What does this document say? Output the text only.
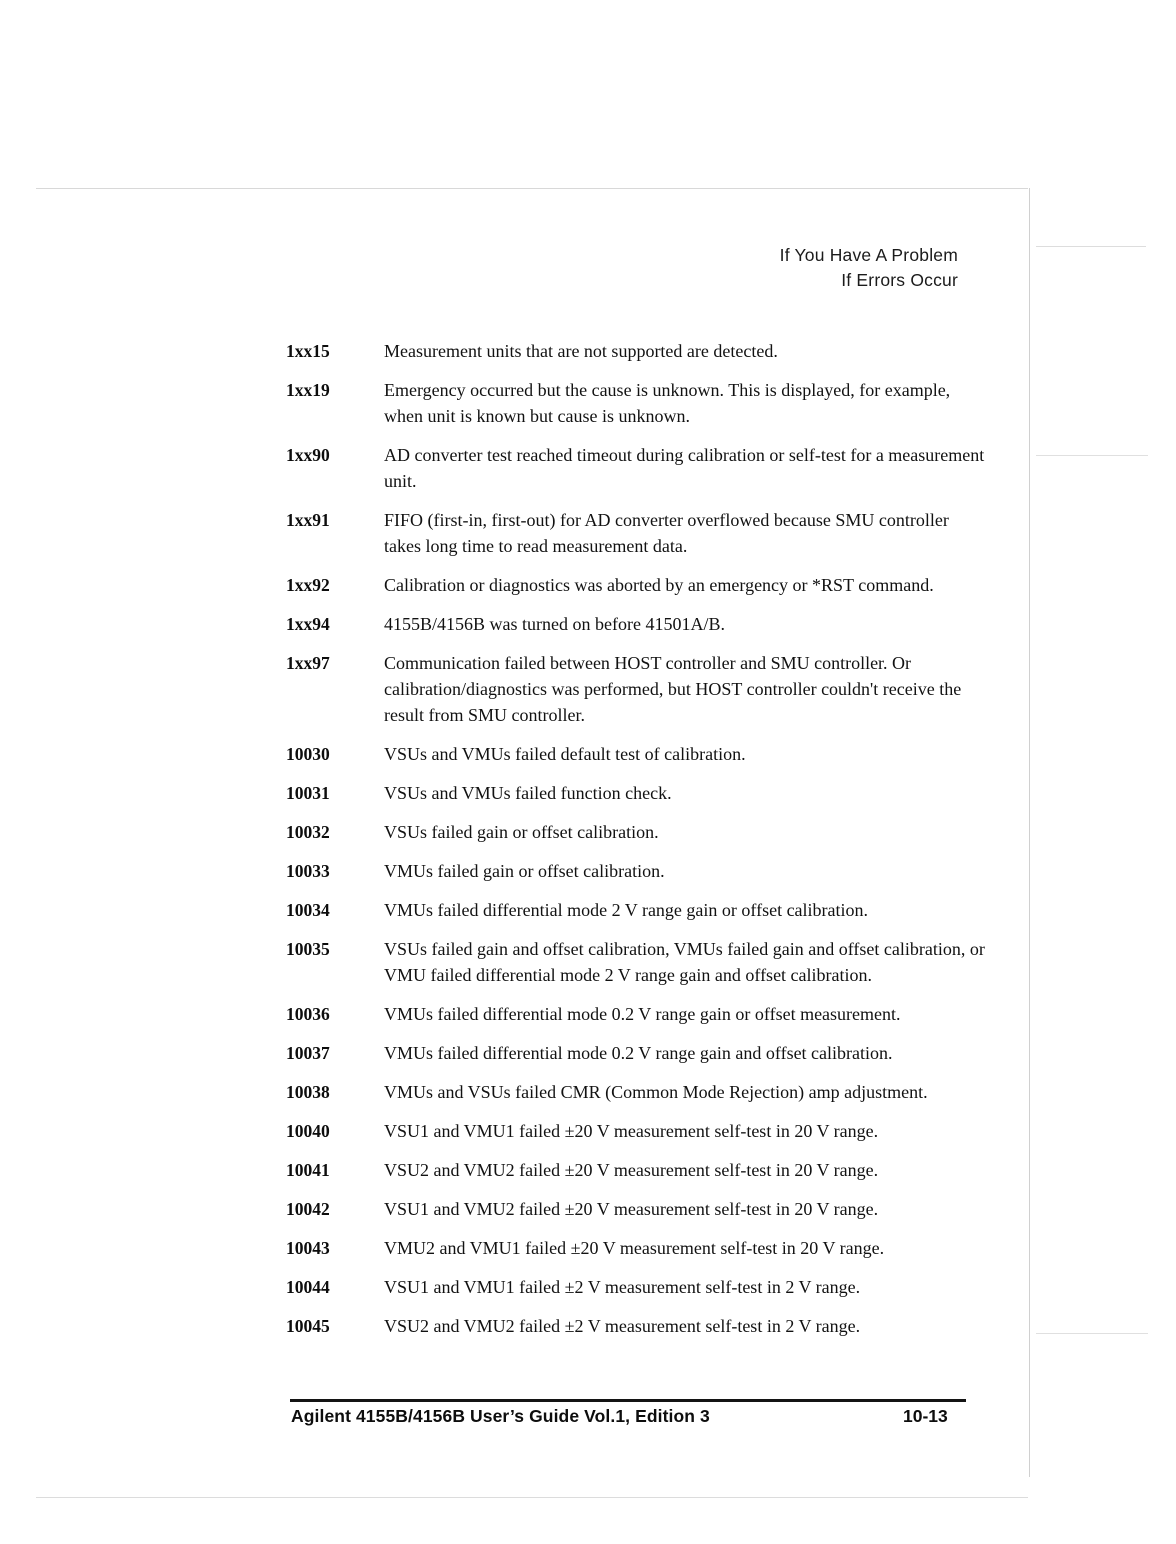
If You Have A Problem
If Errors Occur
1xx15	Measurement units that are not supported are detected.
1xx19	Emergency occurred but the cause is unknown. This is displayed, for example, when unit is known but cause is unknown.
1xx90	AD converter test reached timeout during calibration or self-test for a measurement unit.
1xx91	FIFO (first-in, first-out) for AD converter overflowed because SMU controller takes long time to read measurement data.
1xx92	Calibration or diagnostics was aborted by an emergency or *RST command.
1xx94	4155B/4156B was turned on before 41501A/B.
1xx97	Communication failed between HOST controller and SMU controller. Or calibration/diagnostics was performed, but HOST controller couldn't receive the result from SMU controller.
10030	VSUs and VMUs failed default test of calibration.
10031	VSUs and VMUs failed function check.
10032	VSUs failed gain or offset calibration.
10033	VMUs failed gain or offset calibration.
10034	VMUs failed differential mode 2 V range gain or offset calibration.
10035	VSUs failed gain and offset calibration, VMUs failed gain and offset calibration, or VMU failed differential mode 2 V range gain and offset calibration.
10036	VMUs failed differential mode 0.2 V range gain or offset measurement.
10037	VMUs failed differential mode 0.2 V range gain and offset calibration.
10038	VMUs and VSUs failed CMR (Common Mode Rejection) amp adjustment.
10040	VSU1 and VMU1 failed ±20 V measurement self-test in 20 V range.
10041	VSU2 and VMU2 failed ±20 V measurement self-test in 20 V range.
10042	VSU1 and VMU2 failed ±20 V measurement self-test in 20 V range.
10043	VMU2 and VMU1 failed ±20 V measurement self-test in 20 V range.
10044	VSU1 and VMU1 failed ±2 V measurement self-test in 2 V range.
10045	VSU2 and VMU2 failed ±2 V measurement self-test in 2 V range.
Agilent 4155B/4156B User’s Guide Vol.1, Edition 3	10-13
